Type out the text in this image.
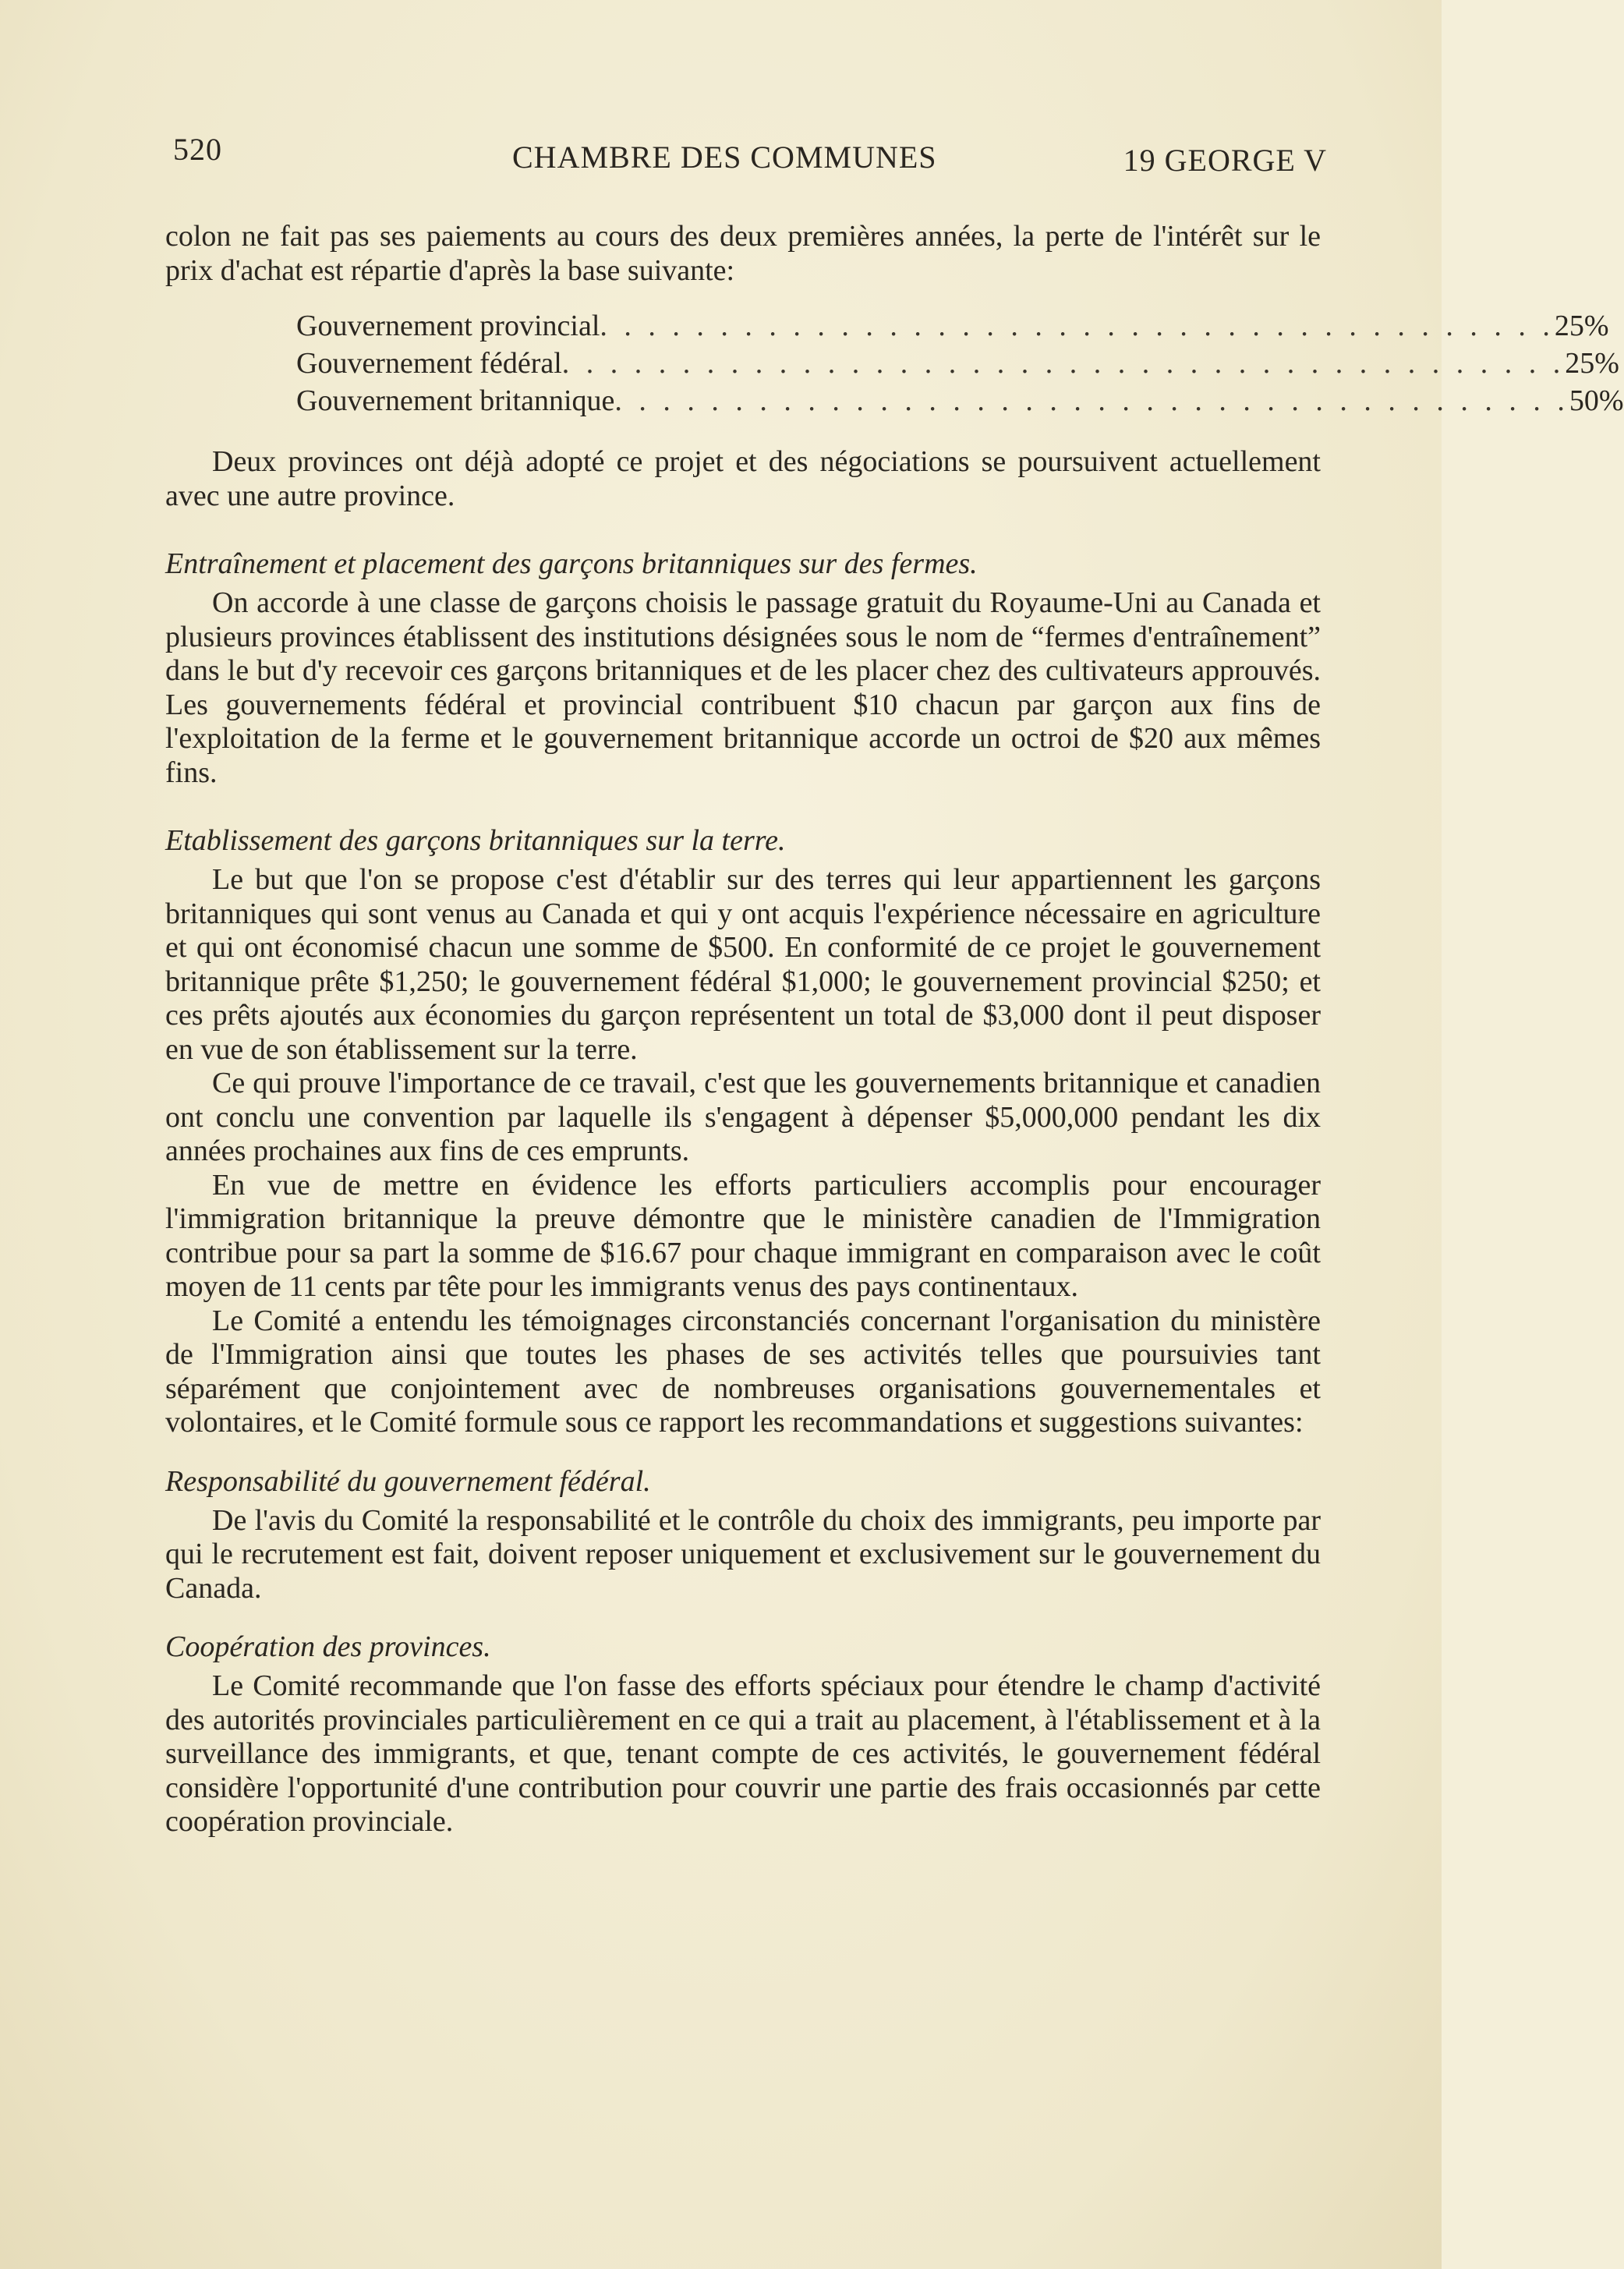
520	CHAMBRE DES COMMUNES	19 GEORGE V

colon ne fait pas ses paiements au cours des deux premières années, la perte de l'intérêt sur le prix d'achat est répartie d'après la base suivante:

Gouvernement provincial . . . . . . . . . . . . . . . . . . . . . . . . . . . . . . . . . . . . . . . . 25%
Gouvernement fédéral . . . . . . . . . . . . . . . . . . . . . . . . . . . . . . . . . . . . . . . . . . 25%
Gouvernement britannique . . . . . . . . . . . . . . . . . . . . . . . . . . . . . . . . . . . . . . . . 50%

Deux provinces ont déjà adopté ce projet et des négociations se poursuivent actuellement avec une autre province.

Entraînement et placement des garçons britanniques sur des fermes.

On accorde à une classe de garçons choisis le passage gratuit du Royaume-Uni au Canada et plusieurs provinces établissent des institutions désignées sous le nom de “fermes d'entraînement” dans le but d'y recevoir ces garçons britanniques et de les placer chez des cultivateurs approuvés. Les gouvernements fédéral et provincial contribuent $10 chacun par garçon aux fins de l'exploitation de la ferme et le gouvernement britannique accorde un octroi de $20 aux mêmes fins.

Etablissement des garçons britanniques sur la terre.

Le but que l'on se propose c'est d'établir sur des terres qui leur appartiennent les garçons britanniques qui sont venus au Canada et qui y ont acquis l'expérience nécessaire en agriculture et qui ont économisé chacun une somme de $500. En conformité de ce projet le gouvernement britannique prête $1,250; le gouvernement fédéral $1,000; le gouvernement provincial $250; et ces prêts ajoutés aux économies du garçon représentent un total de $3,000 dont il peut disposer en vue de son établissement sur la terre.

Ce qui prouve l'importance de ce travail, c'est que les gouvernements britannique et canadien ont conclu une convention par laquelle ils s'engagent à dépenser $5,000,000 pendant les dix années prochaines aux fins de ces emprunts.

En vue de mettre en évidence les efforts particuliers accomplis pour encourager l'immigration britannique la preuve démontre que le ministère canadien de l'Immigration contribue pour sa part la somme de $16.67 pour chaque immigrant en comparaison avec le coût moyen de 11 cents par tête pour les immigrants venus des pays continentaux.

Le Comité a entendu les témoignages circonstanciés concernant l'organisation du ministère de l'Immigration ainsi que toutes les phases de ses activités telles que poursuivies tant séparément que conjointement avec de nombreuses organisations gouvernementales et volontaires, et le Comité formule sous ce rapport les recommandations et suggestions suivantes:

Responsabilité du gouvernement fédéral.

De l'avis du Comité la responsabilité et le contrôle du choix des immigrants, peu importe par qui le recrutement est fait, doivent reposer uniquement et exclusivement sur le gouvernement du Canada.

Coopération des provinces.

Le Comité recommande que l'on fasse des efforts spéciaux pour étendre le champ d'activité des autorités provinciales particulièrement en ce qui a trait au placement, à l'établissement et à la surveillance des immigrants, et que, tenant compte de ces activités, le gouvernement fédéral considère l'opportunité d'une contribution pour couvrir une partie des frais occasionnés par cette coopération provinciale.
